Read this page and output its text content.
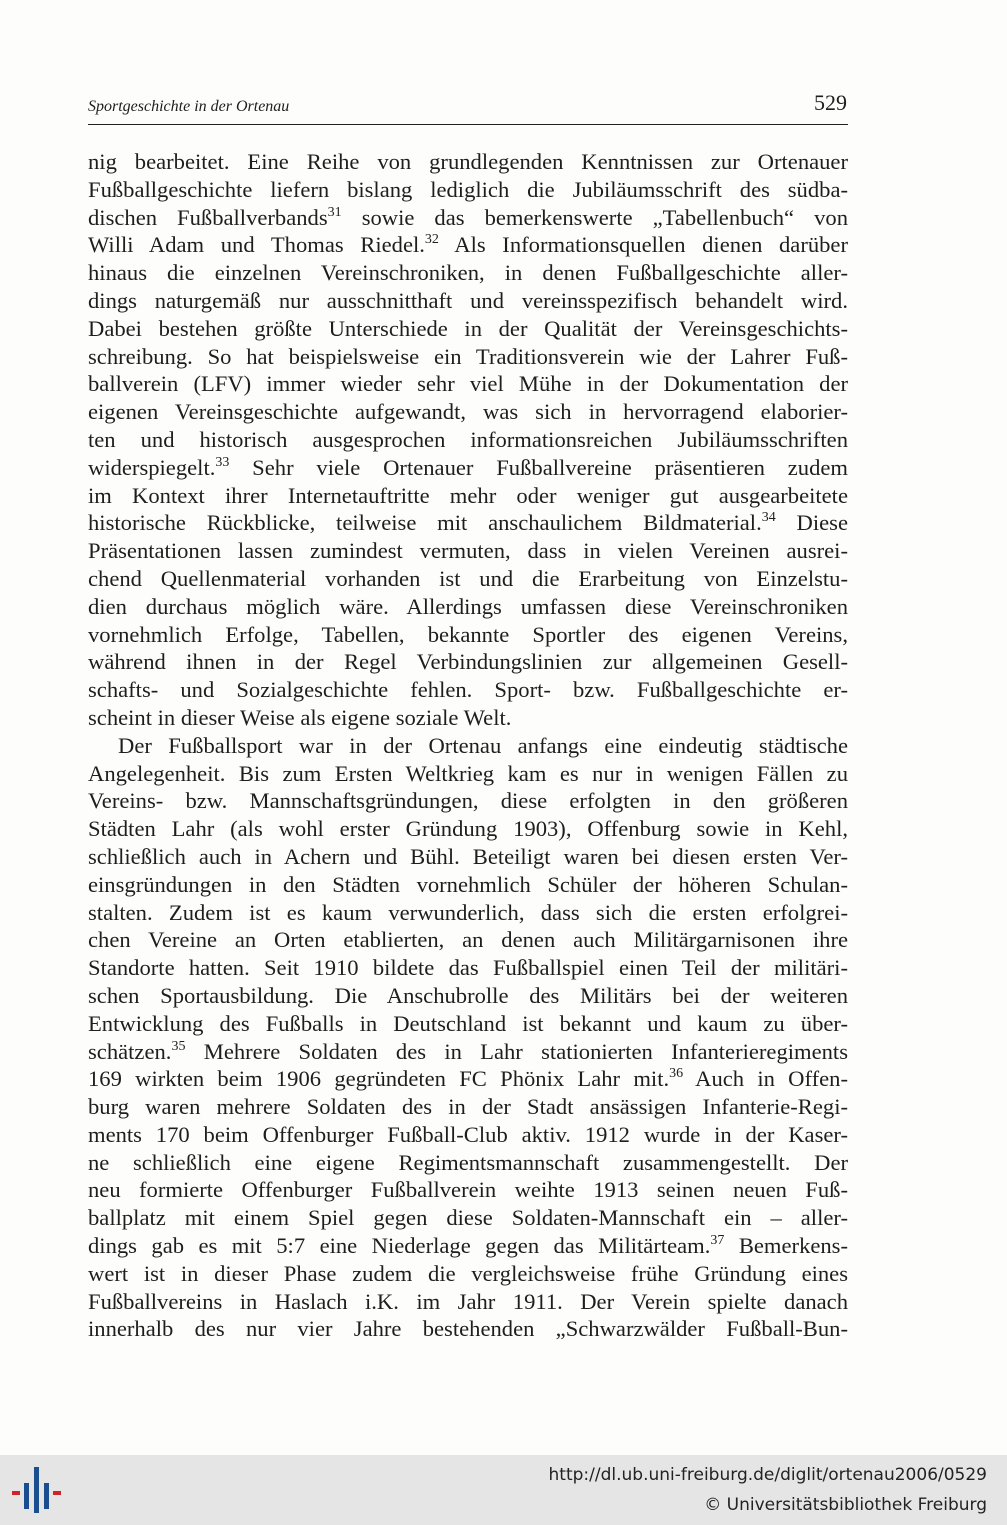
Sportgeschichte in der Ortenau	529
nig bearbeitet. Eine Reihe von grundlegenden Kenntnissen zur Ortenauer
Fußballgeschichte liefern bislang lediglich die Jubiläumsschrift des südba-
dischen Fußballverbands$^{31}$ sowie das bemerkenswerte „Tabellenbuch“ von
Willi Adam und Thomas Riedel.$^{32}$ Als Informationsquellen dienen darüber
hinaus die einzelnen Vereinschroniken, in denen Fußballgeschichte aller-
dings naturgemäß nur ausschnitthaft und vereinsspezifisch behandelt wird.
Dabei bestehen größte Unterschiede in der Qualität der Vereinsgeschichts-
schreibung. So hat beispielsweise ein Traditionsverein wie der Lahrer Fuß-
ballverein (LFV) immer wieder sehr viel Mühe in der Dokumentation der
eigenen Vereinsgeschichte aufgewandt, was sich in hervorragend elaborier-
ten und historisch ausgesprochen informationsreichen Jubiläumsschriften
widerspiegelt.$^{33}$ Sehr viele Ortenauer Fußballvereine präsentieren zudem
im Kontext ihrer Internetauftritte mehr oder weniger gut ausgearbeitete
historische Rückblicke, teilweise mit anschaulichem Bildmaterial.$^{34}$ Diese
Präsentationen lassen zumindest vermuten, dass in vielen Vereinen ausrei-
chend Quellenmaterial vorhanden ist und die Erarbeitung von Einzelstu-
dien durchaus möglich wäre. Allerdings umfassen diese Vereinschroniken
vornehmlich Erfolge, Tabellen, bekannte Sportler des eigenen Vereins,
während ihnen in der Regel Verbindungslinien zur allgemeinen Gesell-
schafts- und Sozialgeschichte fehlen. Sport- bzw. Fußballgeschichte er-
scheint in dieser Weise als eigene soziale Welt.
Der Fußballsport war in der Ortenau anfangs eine eindeutig städtische
Angelegenheit. Bis zum Ersten Weltkrieg kam es nur in wenigen Fällen zu
Vereins- bzw. Mannschaftsgründungen, diese erfolgten in den größeren
Städten Lahr (als wohl erster Gründung 1903), Offenburg sowie in Kehl,
schließlich auch in Achern und Bühl. Beteiligt waren bei diesen ersten Ver-
einsgründungen in den Städten vornehmlich Schüler der höheren Schulan-
stalten. Zudem ist es kaum verwunderlich, dass sich die ersten erfolgrei-
chen Vereine an Orten etablierten, an denen auch Militärgarnisonen ihre
Standorte hatten. Seit 1910 bildete das Fußballspiel einen Teil der militäri-
schen Sportausbildung. Die Anschubrolle des Militärs bei der weiteren
Entwicklung des Fußballs in Deutschland ist bekannt und kaum zu über-
schätzen.$^{35}$ Mehrere Soldaten des in Lahr stationierten Infanterieregiments
169 wirkten beim 1906 gegründeten FC Phönix Lahr mit.$^{36}$ Auch in Offen-
burg waren mehrere Soldaten des in der Stadt ansässigen Infanterie-Regi-
ments 170 beim Offenburger Fußball-Club aktiv. 1912 wurde in der Kaser-
ne schließlich eine eigene Regimentsmannschaft zusammengestellt. Der
neu formierte Offenburger Fußballverein weihte 1913 seinen neuen Fuß-
ballplatz mit einem Spiel gegen diese Soldaten-Mannschaft ein – aller-
dings gab es mit 5:7 eine Niederlage gegen das Militärteam.$^{37}$ Bemerkens-
wert ist in dieser Phase zudem die vergleichsweise frühe Gründung eines
Fußballvereins in Haslach i.K. im Jahr 1911. Der Verein spielte danach
innerhalb des nur vier Jahre bestehenden „Schwarzwälder Fußball-Bun-
http://dl.ub.uni-freiburg.de/diglit/ortenau2006/0529
© Universitätsbibliothek Freiburg
